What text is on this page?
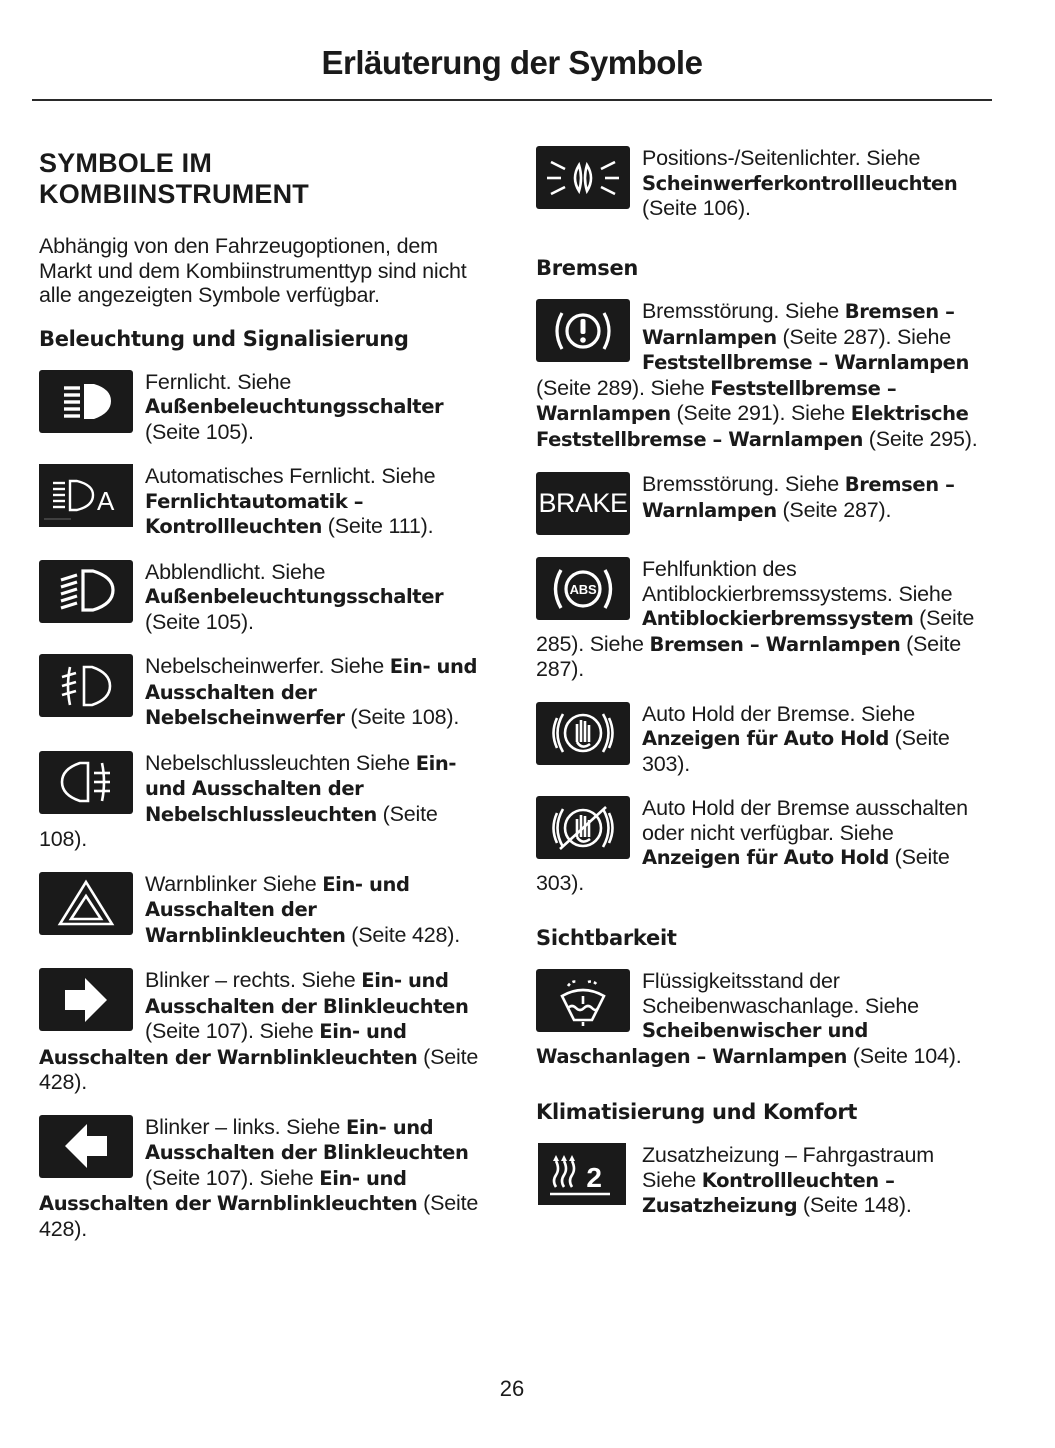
Erläuterung der Symbole
SYMBOLE IM
KOMBIINSTRUMENT

Abhängig von den Fahrzeugoptionen, dem Markt und dem Kombiinstrumenttyp sind nicht alle angezeigten Symbole verfügbar.

Beleuchtung und Signalisierung
Fernlicht. Siehe Außenbeleuchtungsschalter (Seite 105).
A
Automatisches Fernlicht. Siehe Fernlichtautomatik – Kontrollleuchten (Seite 111).
Abblendlicht. Siehe Außenbeleuchtungsschalter (Seite 105).
Nebelscheinwerfer. Siehe Ein- und Ausschalten der Nebelscheinwerfer (Seite 108).
Nebelschlussleuchten Siehe Ein- und Ausschalten der Nebelschlussleuchten (Seite 108).
Warnblinker Siehe Ein- und Ausschalten der Warnblinkleuchten (Seite 428).
Blinker – rechts. Siehe Ein- und Ausschalten der Blinkleuchten (Seite 107). Siehe Ein- und Ausschalten der Warnblinkleuchten (Seite 428).
Blinker – links. Siehe Ein- und Ausschalten der Blinkleuchten (Seite 107). Siehe Ein- und Ausschalten der Warnblinkleuchten (Seite 428).
Positions-/Seitenlichter. Siehe
Scheinwerferkontrollleuchten (Seite 106).
Bremsen
Bremsstörung. Siehe Bremsen – Warnlampen (Seite 287). Siehe Feststellbremse – Warnlampen (Seite 289). Siehe Feststellbremse – Warnlampen (Seite 291). Siehe Elektrische Feststellbremse – Warnlampen (Seite 295).
BRAKE
Bremsstörung. Siehe Bremsen – Warnlampen (Seite 287).
ABS
Fehlfunktion des Antiblockierbremssystems. Siehe Antiblockierbremssystem (Seite 285). Siehe Bremsen – Warnlampen (Seite 287).
Auto Hold der Bremse. Siehe Anzeigen für Auto Hold (Seite 303).
Auto Hold der Bremse ausschalten oder nicht verfügbar. Siehe Anzeigen für Auto Hold (Seite 303).
Sichtbarkeit
Flüssigkeitsstand der Scheibenwaschanlage. Siehe Scheibenwischer und Waschanlagen – Warnlampen (Seite 104).
Klimatisierung und Komfort
2
Zusatzheizung – Fahrgastraum Siehe Kontrollleuchten – Zusatzheizung (Seite 148).
26
